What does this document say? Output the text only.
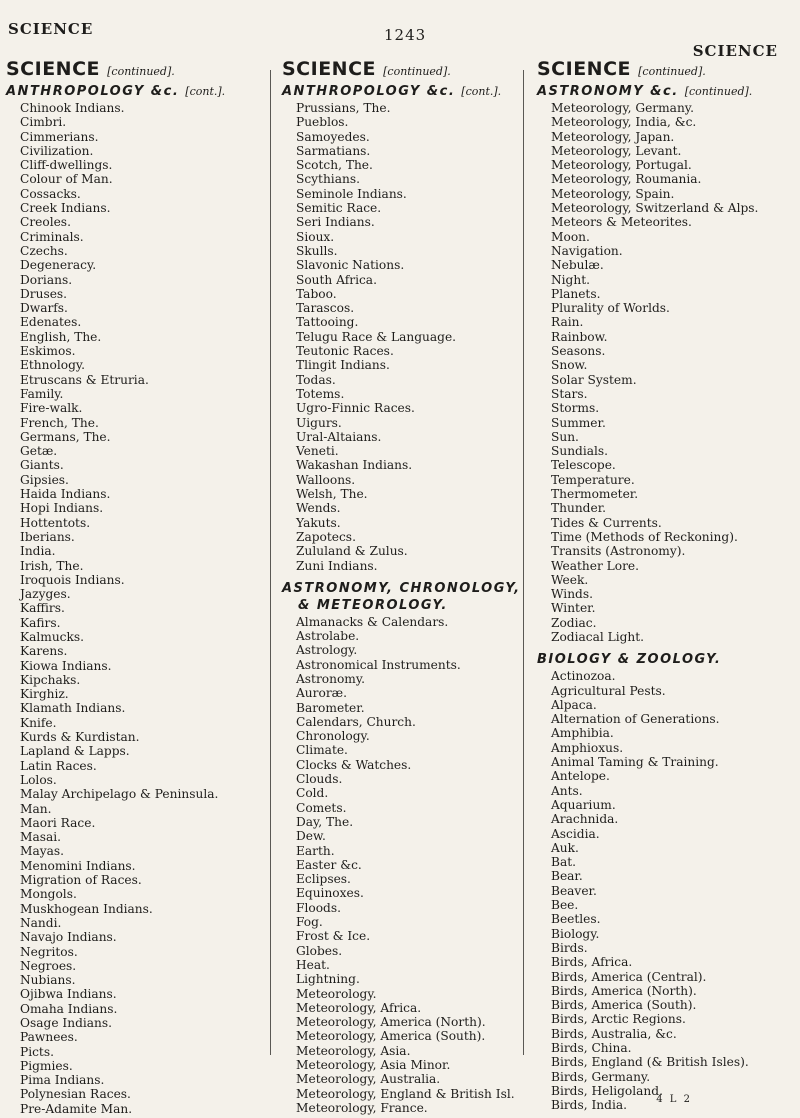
SCIENCE	1243
SCIENCE
SCIENCE [continued].
ANTHROPOLOGY &c. [cont.].
Chinook Indians.
Cimbri.
Cimmerians.
Civilization.
Cliff-dwellings.
Colour of Man.
Cossacks.
Creek Indians.
Creoles.
Criminals.
Czechs.
Degeneracy.
Dorians.
Druses.
Dwarfs.
Edenates.
English, The.
Eskimos.
Ethnology.
Etruscans & Etruria.
Family.
Fire-walk.
French, The.
Germans, The.
Getæ.
Giants.
Gipsies.
Haida Indians.
Hopi Indians.
Hottentots.
Iberians.
India.
Irish, The.
Iroquois Indians.
Jazyges.
Kaffirs.
Kafirs.
Kalmucks.
Karens.
Kiowa Indians.
Kipchaks.
Kirghiz.
Klamath Indians.
Knife.
Kurds & Kurdistan.
Lapland & Lapps.
Latin Races.
Lolos.
Malay Archipelago & Peninsula.
Man.
Maori Race.
Masai.
Mayas.
Menomini Indians.
Migration of Races.
Mongols.
Muskhogean Indians.
Nandi.
Navajo Indians.
Negritos.
Negroes.
Nubians.
Ojibwa Indians.
Omaha Indians.
Osage Indians.
Pawnees.
Picts.
Pigmies.
Pima Indians.
Polynesian Races.
Pre-Adamite Man.
SCIENCE [continued].
ANTHROPOLOGY &c. [cont.].
Prussians, The.
Pueblos.
Samoyedes.
Sarmatians.
Scotch, The.
Scythians.
Seminole Indians.
Semitic Race.
Seri Indians.
Sioux.
Skulls.
Slavonic Nations.
South Africa.
Taboo.
Tarascos.
Tattooing.
Telugu Race & Language.
Teutonic Races.
Tlingit Indians.
Todas.
Totems.
Ugro-Finnic Races.
Uigurs.
Ural-Altaians.
Veneti.
Wakashan Indians.
Walloons.
Welsh, The.
Wends.
Yakuts.
Zapotecs.
Zululand & Zulus.
Zuni Indians.
ASTRONOMY, CHRONOLOGY,
& METEOROLOGY.
Almanacks & Calendars.
Astrolabe.
Astrology.
Astronomical Instruments.
Astronomy.
Auroræ.
Barometer.
Calendars, Church.
Chronology.
Climate.
Clocks & Watches.
Clouds.
Cold.
Comets.
Day, The.
Dew.
Earth.
Easter &c.
Eclipses.
Equinoxes.
Floods.
Fog.
Frost & Ice.
Globes.
Heat.
Lightning.
Meteorology.
Meteorology, Africa.
Meteorology, America (North).
Meteorology, America (South).
Meteorology, Asia.
Meteorology, Asia Minor.
Meteorology, Australia.
Meteorology, England & British Isl.
Meteorology, France.
SCIENCE [continued].
ASTRONOMY &c. [continued].
Meteorology, Germany.
Meteorology, India, &c.
Meteorology, Japan.
Meteorology, Levant.
Meteorology, Portugal.
Meteorology, Roumania.
Meteorology, Spain.
Meteorology, Switzerland & Alps.
Meteors & Meteorites.
Moon.
Navigation.
Nebulæ.
Night.
Planets.
Plurality of Worlds.
Rain.
Rainbow.
Seasons.
Snow.
Solar System.
Stars.
Storms.
Summer.
Sun.
Sundials.
Telescope.
Temperature.
Thermometer.
Thunder.
Tides & Currents.
Time (Methods of Reckoning).
Transits (Astronomy).
Weather Lore.
Week.
Winds.
Winter.
Zodiac.
Zodiacal Light.
BIOLOGY & ZOOLOGY.
Actinozoa.
Agricultural Pests.
Alpaca.
Alternation of Generations.
Amphibia.
Amphioxus.
Animal Taming & Training.
Antelope.
Ants.
Aquarium.
Arachnida.
Ascidia.
Auk.
Bat.
Bear.
Beaver.
Bee.
Beetles.
Biology.
Birds.
Birds, Africa.
Birds, America (Central).
Birds, America (North).
Birds, America (South).
Birds, Arctic Regions.
Birds, Australia, &c.
Birds, China.
Birds, England (& British Isles).
Birds, Germany.
Birds, Heligoland.
Birds, India.	4 L 2
